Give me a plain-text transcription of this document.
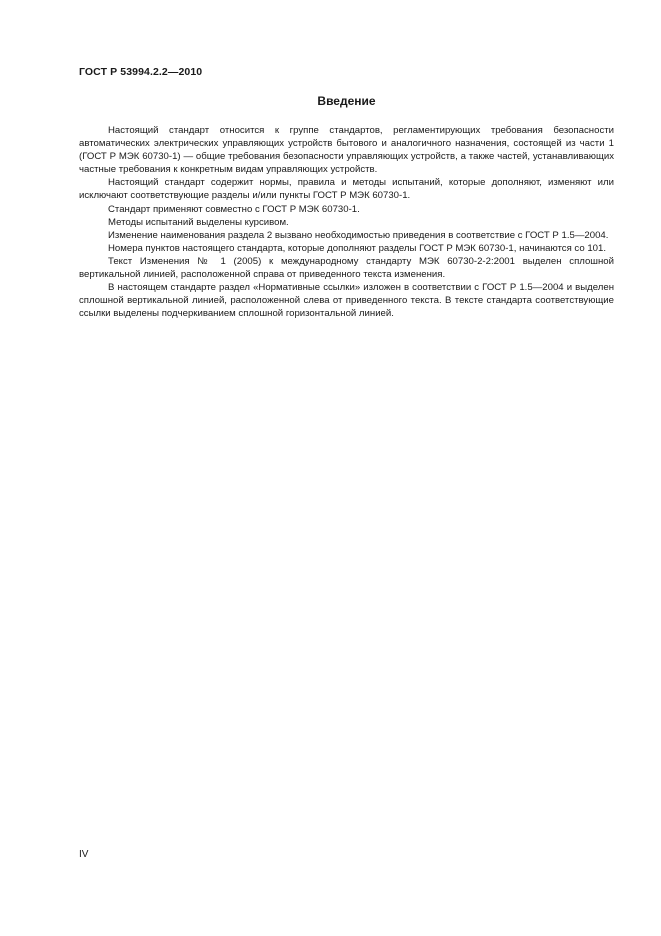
ГОСТ Р 53994.2.2—2010
Введение

Настоящий стандарт относится к группе стандартов, регламентирующих требования безопасности автоматических электрических управляющих устройств бытового и аналогичного назначения, состоящей из части 1 (ГОСТ Р МЭК 60730-1) — общие требования безопасности управляющих устройств, а также частей, устанавливающих частные требования к конкретным видам управляющих устройств.

Настоящий стандарт содержит нормы, правила и методы испытаний, которые дополняют, изменяют или исключают соответствующие разделы и/или пункты ГОСТ Р МЭК 60730-1.

Стандарт применяют совместно с ГОСТ Р МЭК 60730-1.

Методы испытаний выделены курсивом.

Изменение наименования раздела 2 вызвано необходимостью приведения в соответствие с ГОСТ Р 1.5—2004.

Номера пунктов настоящего стандарта, которые дополняют разделы ГОСТ Р МЭК 60730-1, начинаются со 101.

Текст Изменения № 1 (2005) к международному стандарту МЭК 60730-2-2:2001 выделен сплошной вертикальной линией, расположенной справа от приведенного текста изменения.

В настоящем стандарте раздел «Нормативные ссылки» изложен в соответствии с ГОСТ Р 1.5—2004 и выделен сплошной вертикальной линией, расположенной слева от приведенного текста. В тексте стандарта соответствующие ссылки выделены подчеркиванием сплошной горизонтальной линией.

IV
